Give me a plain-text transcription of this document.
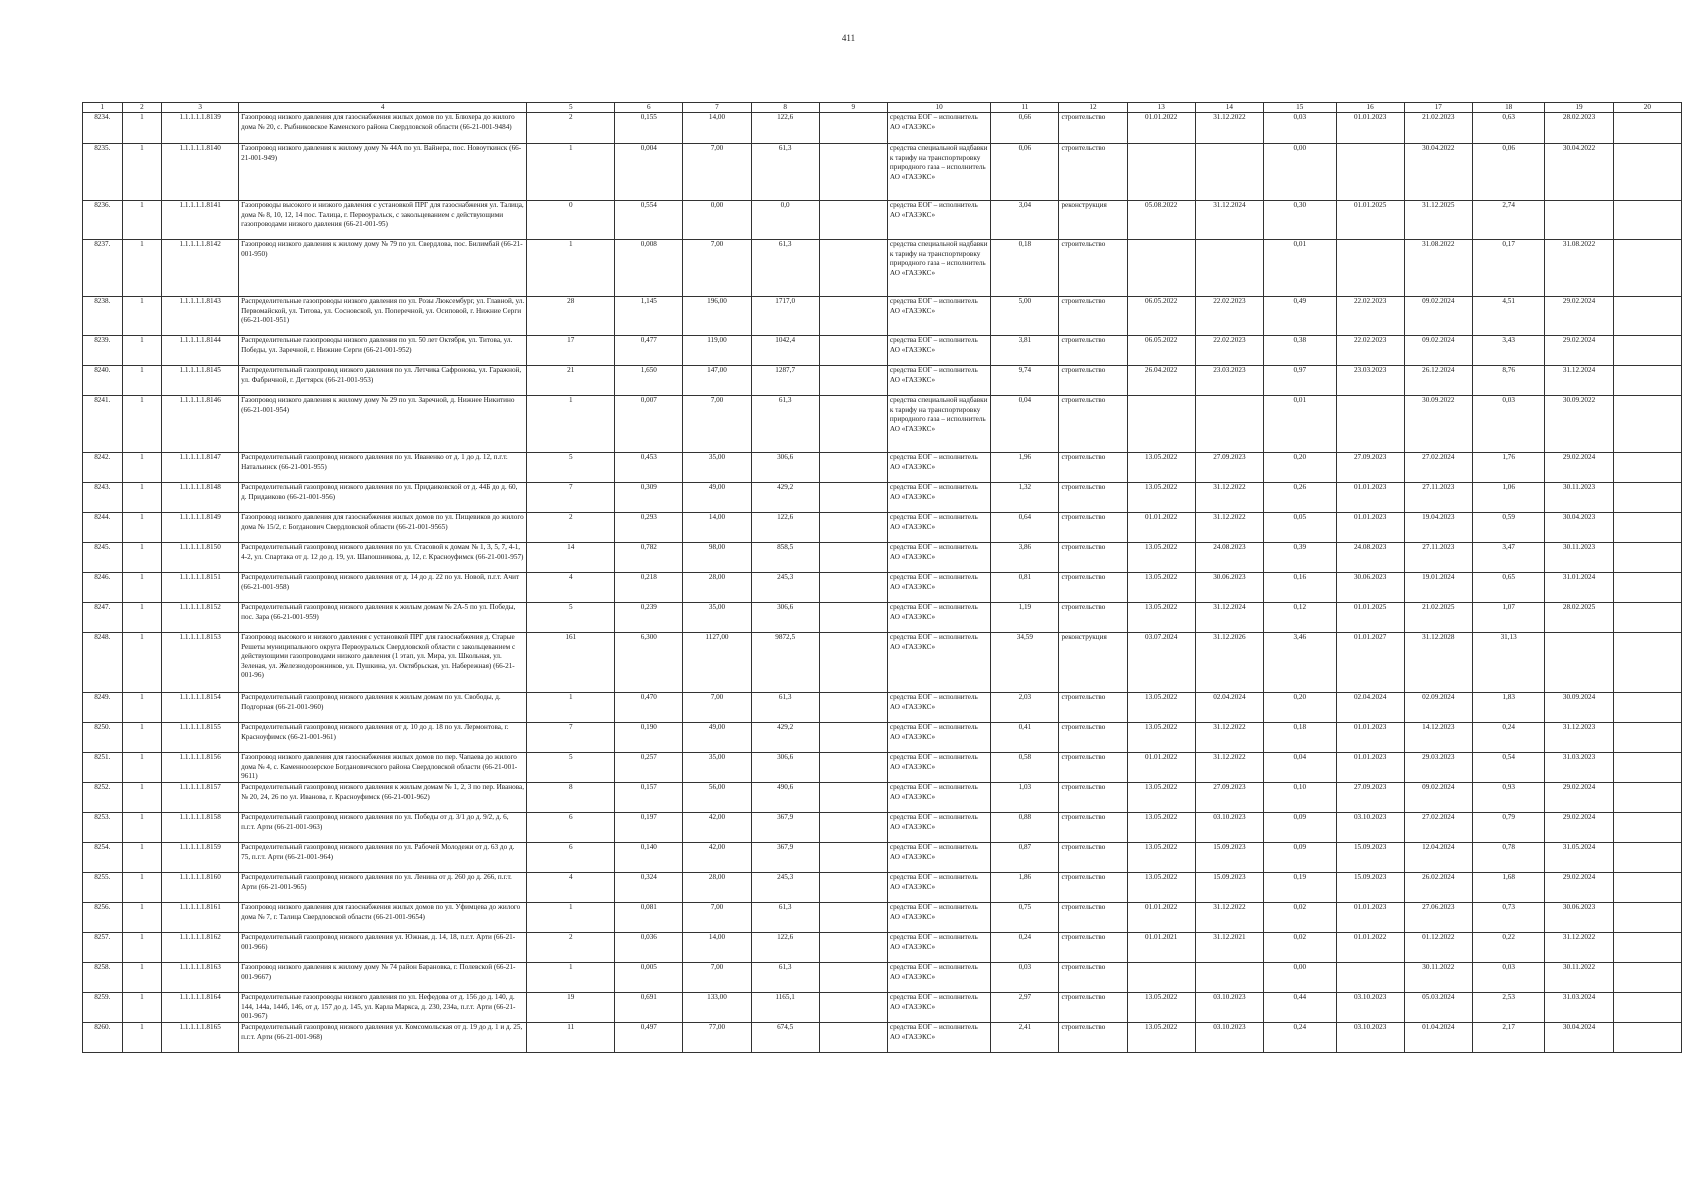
411
1	2	3	4	5	6	7	8	9	10	11	12	13	14	15	16	17	18	19	20
8234.	1	1.1.1.1.1.8139	Газопровод низкого давления для газоснабжения жилых домов по ул. Блюхера до жилого дома № 20, с. Рыбниковское Каменского района Свердловской области (66-21-001-9484)	2	0,155	14,00	122,6		средства ЕОГ – исполнитель АО «ГАЗЭКС»	0,66	строительство	01.01.2022	31.12.2022	0,03	01.01.2023	21.02.2023	0,63	28.02.2023	
8235.	1	1.1.1.1.1.8140	Газопровод низкого давления к жилому дому № 44А по ул. Вайнера, пос. Новоуткинск (66-21-001-949)	1	0,004	7,00	61,3		средства специальной надбавки к тарифу на транспортировку природного газа – исполнитель АО «ГАЗЭКС»	0,06	строительство			0,00		30.04.2022	0,06	30.04.2022	
8236.	1	1.1.1.1.1.8141	Газопроводы высокого и низкого давления с установкой ПРГ для газоснабжения ул. Талица, дома № 8, 10, 12, 14 пос. Талица, г. Первоуральск, с закольцеванием с действующими газопроводами низкого давления (66-21-001-95)	0	0,554	0,00	0,0		средства ЕОГ – исполнитель АО «ГАЗЭКС»	3,04	реконструкция	05.08.2022	31.12.2024	0,30	01.01.2025	31.12.2025	2,74		
8237.	1	1.1.1.1.1.8142	Газопровод низкого давления к жилому дому № 79 по ул. Свердлова, пос. Билимбай (66-21-001-950)	1	0,008	7,00	61,3		средства специальной надбавки к тарифу на транспортировку природного газа – исполнитель АО «ГАЗЭКС»	0,18	строительство			0,01		31.08.2022	0,17	31.08.2022	
8238.	1	1.1.1.1.1.8143	Распределительные газопроводы низкого давления по ул. Розы Люксембург, ул. Главной, ул. Первомайской, ул. Титова, ул. Сосновской, ул. Поперечной, ул. Осиповой, г. Нижние Серги (66-21-001-951)	28	1,145	196,00	1717,0		средства ЕОГ – исполнитель АО «ГАЗЭКС»	5,00	строительство	06.05.2022	22.02.2023	0,49	22.02.2023	09.02.2024	4,51	29.02.2024	
8239.	1	1.1.1.1.1.8144	Распределительные газопроводы низкого давления по ул. 50 лет Октября, ул. Титова, ул. Победы, ул. Заречной, г. Нижние Серги (66-21-001-952)	17	0,477	119,00	1042,4		средства ЕОГ – исполнитель АО «ГАЗЭКС»	3,81	строительство	06.05.2022	22.02.2023	0,38	22.02.2023	09.02.2024	3,43	29.02.2024	
8240.	1	1.1.1.1.1.8145	Распределительный газопровод низкого давления по ул. Летчика Сафронова, ул. Гаражной, ул. Фабричной, г. Дегтярск (66-21-001-953)	21	1,650	147,00	1287,7		средства ЕОГ – исполнитель АО «ГАЗЭКС»	9,74	строительство	26.04.2022	23.03.2023	0,97	23.03.2023	26.12.2024	8,76	31.12.2024	
8241.	1	1.1.1.1.1.8146	Газопровод низкого давления к жилому дому № 29 по ул. Заречной, д. Нижнее Никитино (66-21-001-954)	1	0,007	7,00	61,3		средства специальной надбавки к тарифу на транспортировку природного газа – исполнитель АО «ГАЗЭКС»	0,04	строительство			0,01		30.09.2022	0,03	30.09.2022	
8242.	1	1.1.1.1.1.8147	Распределительный газопровод низкого давления по ул. Иваненко от д. 1 до д. 12, п.г.т. Натальинск (66-21-001-955)	5	0,453	35,00	306,6		средства ЕОГ – исполнитель АО «ГАЗЭКС»	1,96	строительство	13.05.2022	27.09.2023	0,20	27.09.2023	27.02.2024	1,76	29.02.2024	
8243.	1	1.1.1.1.1.8148	Распределительный газопровод низкого давления по ул. Придаиковской от д. 44Б до д. 60, д. Придаиково (66-21-001-956)	7	0,309	49,00	429,2		средства ЕОГ – исполнитель АО «ГАЗЭКС»	1,32	строительство	13.05.2022	31.12.2022	0,26	01.01.2023	27.11.2023	1,06	30.11.2023	
8244.	1	1.1.1.1.1.8149	Газопровод низкого давления для газоснабжения жилых домов по ул. Пищевиков до жилого дома № 15/2, г. Богданович Свердловской области (66-21-001-9565)	2	0,293	14,00	122,6		средства ЕОГ – исполнитель АО «ГАЗЭКС»	0,64	строительство	01.01.2022	31.12.2022	0,05	01.01.2023	19.04.2023	0,59	30.04.2023	
8245.	1	1.1.1.1.1.8150	Распределительный газопровод низкого давления по ул. Стасовой к домам № 1, 3, 5, 7, 4-1, 4-2, ул. Спартака от д. 12 до д. 19, ул. Шапошникова, д. 12, г. Красноуфимск (66-21-001-957)	14	0,782	98,00	858,5		средства ЕОГ – исполнитель АО «ГАЗЭКС»	3,86	строительство	13.05.2022	24.08.2023	0,39	24.08.2023	27.11.2023	3,47	30.11.2023	
8246.	1	1.1.1.1.1.8151	Распределительный газопровод низкого давления от д. 14 до д. 22 по ул. Новой, п.г.т. Ачит (66-21-001-958)	4	0,218	28,00	245,3		средства ЕОГ – исполнитель АО «ГАЗЭКС»	0,81	строительство	13.05.2022	30.06.2023	0,16	30.06.2023	19.01.2024	0,65	31.01.2024	
8247.	1	1.1.1.1.1.8152	Распределительный газопровод низкого давления к жилым домам № 2А-5 по ул. Победы, пос. Зара (66-21-001-959)	5	0,239	35,00	306,6		средства ЕОГ – исполнитель АО «ГАЗЭКС»	1,19	строительство	13.05.2022	31.12.2024	0,12	01.01.2025	21.02.2025	1,07	28.02.2025	
8248.	1	1.1.1.1.1.8153	Газопровод высокого и низкого давления с установкой ПРГ для газоснабжения д. Старые Решеты муниципального округа Первоуральск Свердловской области с закольцеванием с действующими газопроводами низкого давления (1 этап, ул. Мира, ул. Школьная, ул. Зеленая, ул. Железнодорожников, ул. Пушкина, ул. Октябрьская, ул. Набережная) (66-21-001-96)	161	6,300	1127,00	9872,5		средства ЕОГ – исполнитель АО «ГАЗЭКС»	34,59	реконструкция	03.07.2024	31.12.2026	3,46	01.01.2027	31.12.2028	31,13		
8249.	1	1.1.1.1.1.8154	Распределительный газопровод низкого давления к жилым домам по ул. Свободы, д. Подгорная (66-21-001-960)	1	0,470	7,00	61,3		средства ЕОГ – исполнитель АО «ГАЗЭКС»	2,03	строительство	13.05.2022	02.04.2024	0,20	02.04.2024	02.09.2024	1,83	30.09.2024	
8250.	1	1.1.1.1.1.8155	Распределительный газопровод низкого давления от д. 10 до д. 18 по ул. Лермонтова, г. Красноуфимск (66-21-001-961)	7	0,190	49,00	429,2		средства ЕОГ – исполнитель АО «ГАЗЭКС»	0,41	строительство	13.05.2022	31.12.2022	0,18	01.01.2023	14.12.2023	0,24	31.12.2023	
8251.	1	1.1.1.1.1.8156	Газопровод низкого давления для газоснабжения жилых домов по пер. Чапаева до жилого дома № 4, с. Каменноозерское Богдановичского района Свердловской области (66-21-001-9611)	5	0,257	35,00	306,6		средства ЕОГ – исполнитель АО «ГАЗЭКС»	0,58	строительство	01.01.2022	31.12.2022	0,04	01.01.2023	29.03.2023	0,54	31.03.2023	
8252.	1	1.1.1.1.1.8157	Распределительный газопровод низкого давления к жилым домам № 1, 2, 3 по пер. Иванова, № 20, 24, 26 по ул. Иванова, г. Красноуфимск (66-21-001-962)	8	0,157	56,00	490,6		средства ЕОГ – исполнитель АО «ГАЗЭКС»	1,03	строительство	13.05.2022	27.09.2023	0,10	27.09.2023	09.02.2024	0,93	29.02.2024	
8253.	1	1.1.1.1.1.8158	Распределительный газопровод низкого давления по ул. Победы от д. 3/1 до д. 9/2, д. 6, п.г.т. Арти (66-21-001-963)	6	0,197	42,00	367,9		средства ЕОГ – исполнитель АО «ГАЗЭКС»	0,88	строительство	13.05.2022	03.10.2023	0,09	03.10.2023	27.02.2024	0,79	29.02.2024	
8254.	1	1.1.1.1.1.8159	Распределительный газопровод низкого давления по ул. Рабочей Молодежи от д. 63 до д. 75, п.г.т. Арти (66-21-001-964)	6	0,140	42,00	367,9		средства ЕОГ – исполнитель АО «ГАЗЭКС»	0,87	строительство	13.05.2022	15.09.2023	0,09	15.09.2023	12.04.2024	0,78	31.05.2024	
8255.	1	1.1.1.1.1.8160	Распределительный газопровод низкого давления по ул. Ленина от д. 260 до д. 266, п.г.т. Арти (66-21-001-965)	4	0,324	28,00	245,3		средства ЕОГ – исполнитель АО «ГАЗЭКС»	1,86	строительство	13.05.2022	15.09.2023	0,19	15.09.2023	26.02.2024	1,68	29.02.2024	
8256.	1	1.1.1.1.1.8161	Газопровод низкого давления для газоснабжения жилых домов по ул. Уфимцева до жилого дома № 7, г. Талица Свердловской области (66-21-001-9654)	1	0,081	7,00	61,3		средства ЕОГ – исполнитель АО «ГАЗЭКС»	0,75	строительство	01.01.2022	31.12.2022	0,02	01.01.2023	27.06.2023	0,73	30.06.2023	
8257.	1	1.1.1.1.1.8162	Распределительный газопровод низкого давления ул. Южная, д. 14, 18, п.г.т. Арти (66-21-001-966)	2	0,036	14,00	122,6		средства ЕОГ – исполнитель АО «ГАЗЭКС»	0,24	строительство	01.01.2021	31.12.2021	0,02	01.01.2022	01.12.2022	0,22	31.12.2022	
8258.	1	1.1.1.1.1.8163	Газопровод низкого давления к жилому дому № 74 район Барановка, г. Полевской (66-21-001-9667)	1	0,005	7,00	61,3		средства ЕОГ – исполнитель АО «ГАЗЭКС»	0,03	строительство			0,00		30.11.2022	0,03	30.11.2022	
8259.	1	1.1.1.1.1.8164	Распределительные газопроводы низкого давления по ул. Нефедова от д. 156 до д. 140, д. 144, 144а, 144б, 146, от д. 157 до д. 145, ул. Карла Маркса, д. 230, 234а, п.г.т. Арти (66-21-001-967)	19	0,691	133,00	1165,1		средства ЕОГ – исполнитель АО «ГАЗЭКС»	2,97	строительство	13.05.2022	03.10.2023	0,44	03.10.2023	05.03.2024	2,53	31.03.2024	
8260.	1	1.1.1.1.1.8165	Распределительный газопровод низкого давления ул. Комсомольская от д. 19 до д. 1 и д. 25, п.г.т. Арти (66-21-001-968)	11	0,497	77,00	674,5		средства ЕОГ – исполнитель АО «ГАЗЭКС»	2,41	строительство	13.05.2022	03.10.2023	0,24	03.10.2023	01.04.2024	2,17	30.04.2024	
